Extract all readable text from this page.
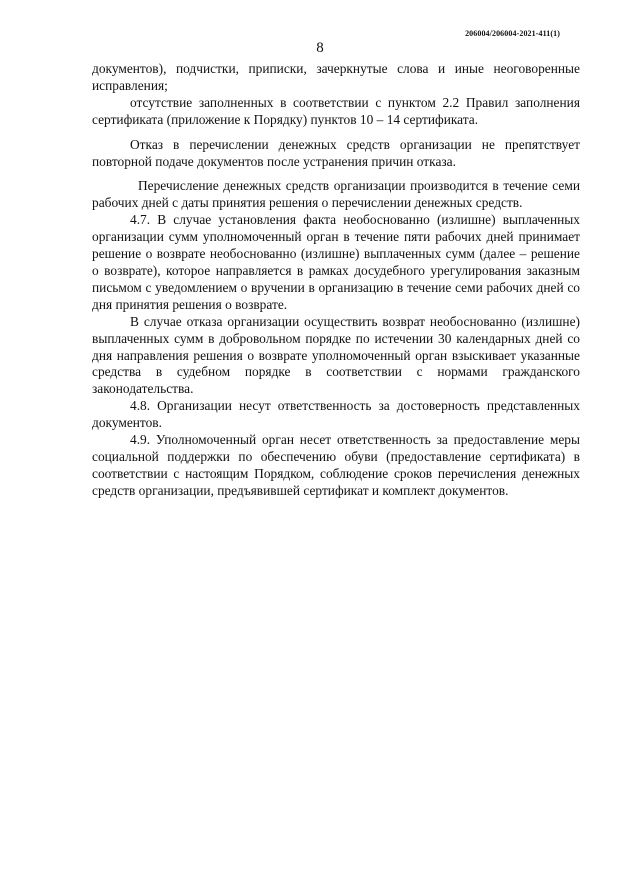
206004/206004-2021-411(1)
8

документов), подчистки, приписки, зачеркнутые слова и иные неоговоренные исправления;

отсутствие заполненных в соответствии с пунктом 2.2 Правил заполнения сертификата (приложение к Порядку) пунктов 10 – 14 сертификата.

Отказ в перечислении денежных средств организации не препятствует повторной подаче документов после устранения причин отказа.

Перечисление денежных средств организации производится в течение семи рабочих дней с даты принятия решения о перечислении денежных средств.

4.7. В случае установления факта необоснованно (излишне) выплаченных организации сумм уполномоченный орган в течение пяти рабочих дней принимает решение о возврате необоснованно (излишне) выплаченных сумм (далее – решение о возврате), которое направляется в рамках досудебного урегулирования заказным письмом с уведомлением о вручении в организацию в течение семи рабочих дней со дня принятия решения о возврате.

В случае отказа организации осуществить возврат необоснованно (излишне) выплаченных сумм в добровольном порядке по истечении 30 календарных дней со дня направления решения о возврате уполномоченный орган взыскивает указанные средства в судебном порядке в соответствии с нормами гражданского законодательства.

4.8. Организации несут ответственность за достоверность представленных документов.

4.9. Уполномоченный орган несет ответственность за предоставление меры социальной поддержки по обеспечению обуви (предоставление сертификата) в соответствии с настоящим Порядком, соблюдение сроков перечисления денежных средств организации, предъявившей сертификат и комплект документов.
